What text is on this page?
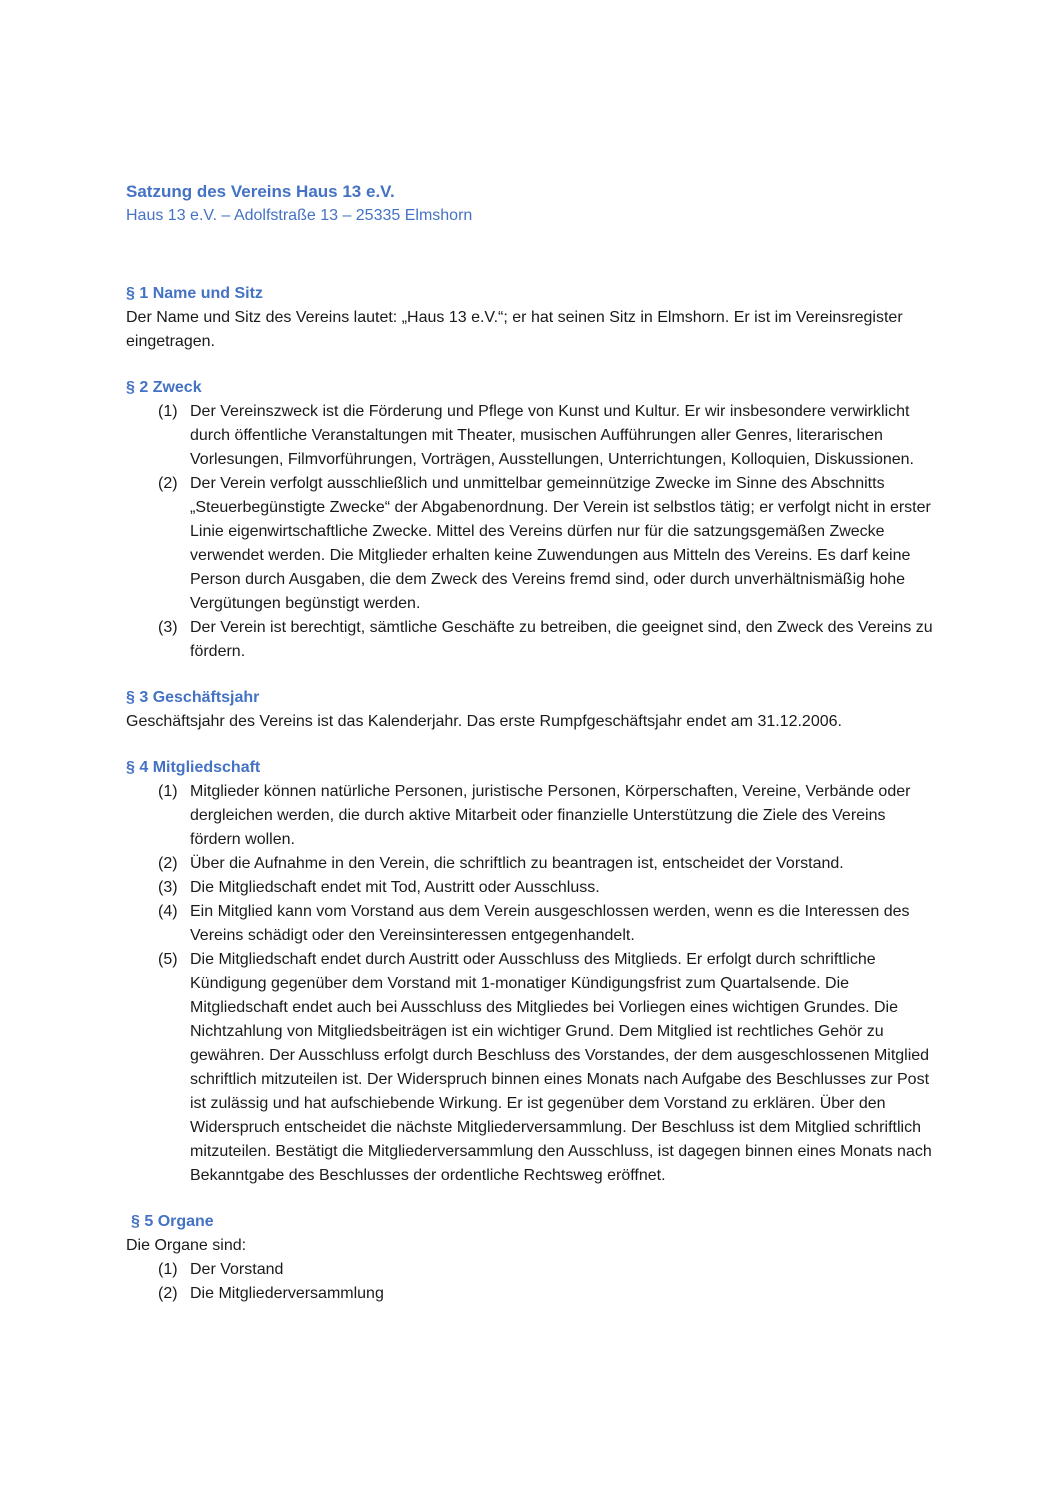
Satzung des Vereins Haus 13 e.V.

Haus 13 e.V. – Adolfstraße 13 – 25335 Elmshorn

§ 1 Name und Sitz

Der Name und Sitz des Vereins lautet: „Haus 13 e.V.“; er hat seinen Sitz in Elmshorn. Er ist im Vereinsregister eingetragen.

§ 2 Zweck
(1) Der Vereinszweck ist die Förderung und Pflege von Kunst und Kultur. Er wir insbesondere verwirklicht durch öffentliche Veranstaltungen mit Theater, musischen Aufführungen aller Genres, literarischen Vorlesungen, Filmvorführungen, Vorträgen, Ausstellungen, Unterrichtungen, Kolloquien, Diskussionen.
(2) Der Verein verfolgt ausschließlich und unmittelbar gemeinnützige Zwecke im Sinne des Abschnitts „Steuerbegünstigte Zwecke“ der Abgabenordnung. Der Verein ist selbstlos tätig; er verfolgt nicht in erster Linie eigenwirtschaftliche Zwecke. Mittel des Vereins dürfen nur für die satzungsgemäßen Zwecke verwendet werden. Die Mitglieder erhalten keine Zuwendungen aus Mitteln des Vereins. Es darf keine Person durch Ausgaben, die dem Zweck des Vereins fremd sind, oder durch unverhältnismäßig hohe Vergütungen begünstigt werden.
(3) Der Verein ist berechtigt, sämtliche Geschäfte zu betreiben, die geeignet sind, den Zweck des Vereins zu fördern.
§ 3 Geschäftsjahr

Geschäftsjahr des Vereins ist das Kalenderjahr. Das erste Rumpfgeschäftsjahr endet am 31.12.2006.

§ 4 Mitgliedschaft
(1) Mitglieder können natürliche Personen, juristische Personen, Körperschaften, Vereine, Verbände oder dergleichen werden, die durch aktive Mitarbeit oder finanzielle Unterstützung die Ziele des Vereins fördern wollen.
(2) Über die Aufnahme in den Verein, die schriftlich zu beantragen ist, entscheidet der Vorstand.
(3) Die Mitgliedschaft endet mit Tod, Austritt oder Ausschluss.
(4) Ein Mitglied kann vom Vorstand aus dem Verein ausgeschlossen werden, wenn es die Interessen des Vereins schädigt oder den Vereinsinteressen entgegenhandelt.
(5) Die Mitgliedschaft endet durch Austritt oder Ausschluss des Mitglieds. Er erfolgt durch schriftliche Kündigung gegenüber dem Vorstand mit 1-monatiger Kündigungsfrist zum Quartalsende. Die Mitgliedschaft endet auch bei Ausschluss des Mitgliedes bei Vorliegen eines wichtigen Grundes. Die Nichtzahlung von Mitgliedsbeiträgen ist ein wichtiger Grund. Dem Mitglied ist rechtliches Gehör zu gewähren. Der Ausschluss erfolgt durch Beschluss des Vorstandes, der dem ausgeschlossenen Mitglied schriftlich mitzuteilen ist. Der Widerspruch binnen eines Monats nach Aufgabe des Beschlusses zur Post ist zulässig und hat aufschiebende Wirkung. Er ist gegenüber dem Vorstand zu erklären. Über den Widerspruch entscheidet die nächste Mitgliederversammlung. Der Beschluss ist dem Mitglied schriftlich mitzuteilen. Bestätigt die Mitgliederversammlung den Ausschluss, ist dagegen binnen eines Monats nach Bekanntgabe des Beschlusses der ordentliche Rechtsweg eröffnet.
§ 5 Organe

Die Organe sind:

(1) Der Vorstand
(2) Die Mitgliederversammlung
